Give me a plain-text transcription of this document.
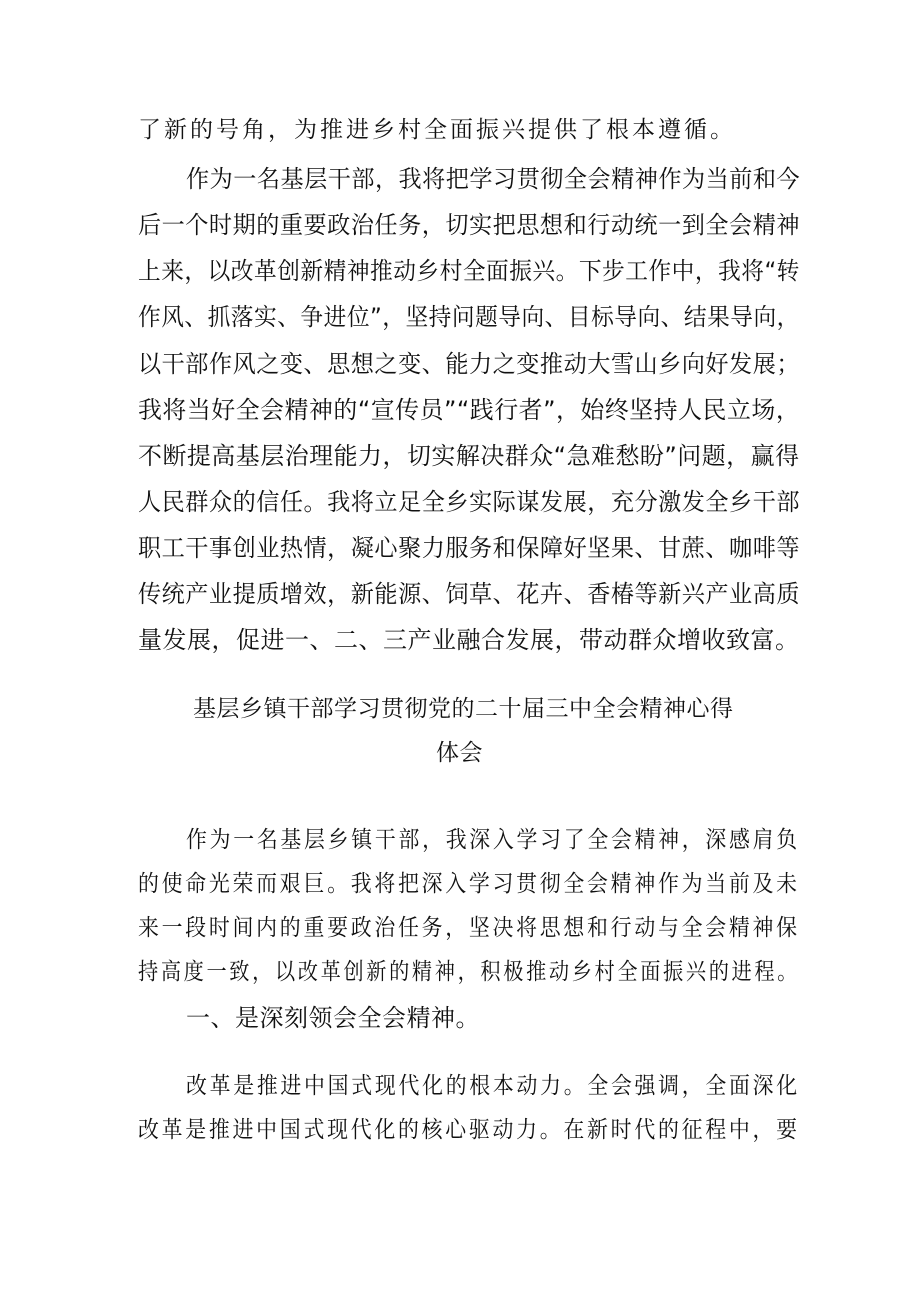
了新的号角，为推进乡村全面振兴提供了根本遵循。

作为一名基层干部，我将把学习贯彻全会精神作为当前和今

后一个时期的重要政治任务，切实把思想和行动统一到全会精神

上来，以改革创新精神推动乡村全面振兴。下步工作中，我将“转

作风、抓落实、争进位”，坚持问题导向、目标导向、结果导向，

以干部作风之变、思想之变、能力之变推动大雪山乡向好发展；

我将当好全会精神的“宣传员”“践行者”，始终坚持人民立场，

不断提高基层治理能力，切实解决群众“急难愁盼”问题，赢得

人民群众的信任。我将立足全乡实际谋发展，充分激发全乡干部

职工干事创业热情，凝心聚力服务和保障好坚果、甘蔗、咖啡等

传统产业提质增效，新能源、饲草、花卉、香椿等新兴产业高质

量发展，促进一、二、三产业融合发展，带动群众增收致富。

基层乡镇干部学习贯彻党的二十届三中全会精神心得

体会

作为一名基层乡镇干部，我深入学习了全会精神，深感肩负

的使命光荣而艰巨。我将把深入学习贯彻全会精神作为当前及未

来一段时间内的重要政治任务，坚决将思想和行动与全会精神保

持高度一致，以改革创新的精神，积极推动乡村全面振兴的进程。

一、是深刻领会全会精神。

改革是推进中国式现代化的根本动力。全会强调，全面深化

改革是推进中国式现代化的核心驱动力。在新时代的征程中，要
